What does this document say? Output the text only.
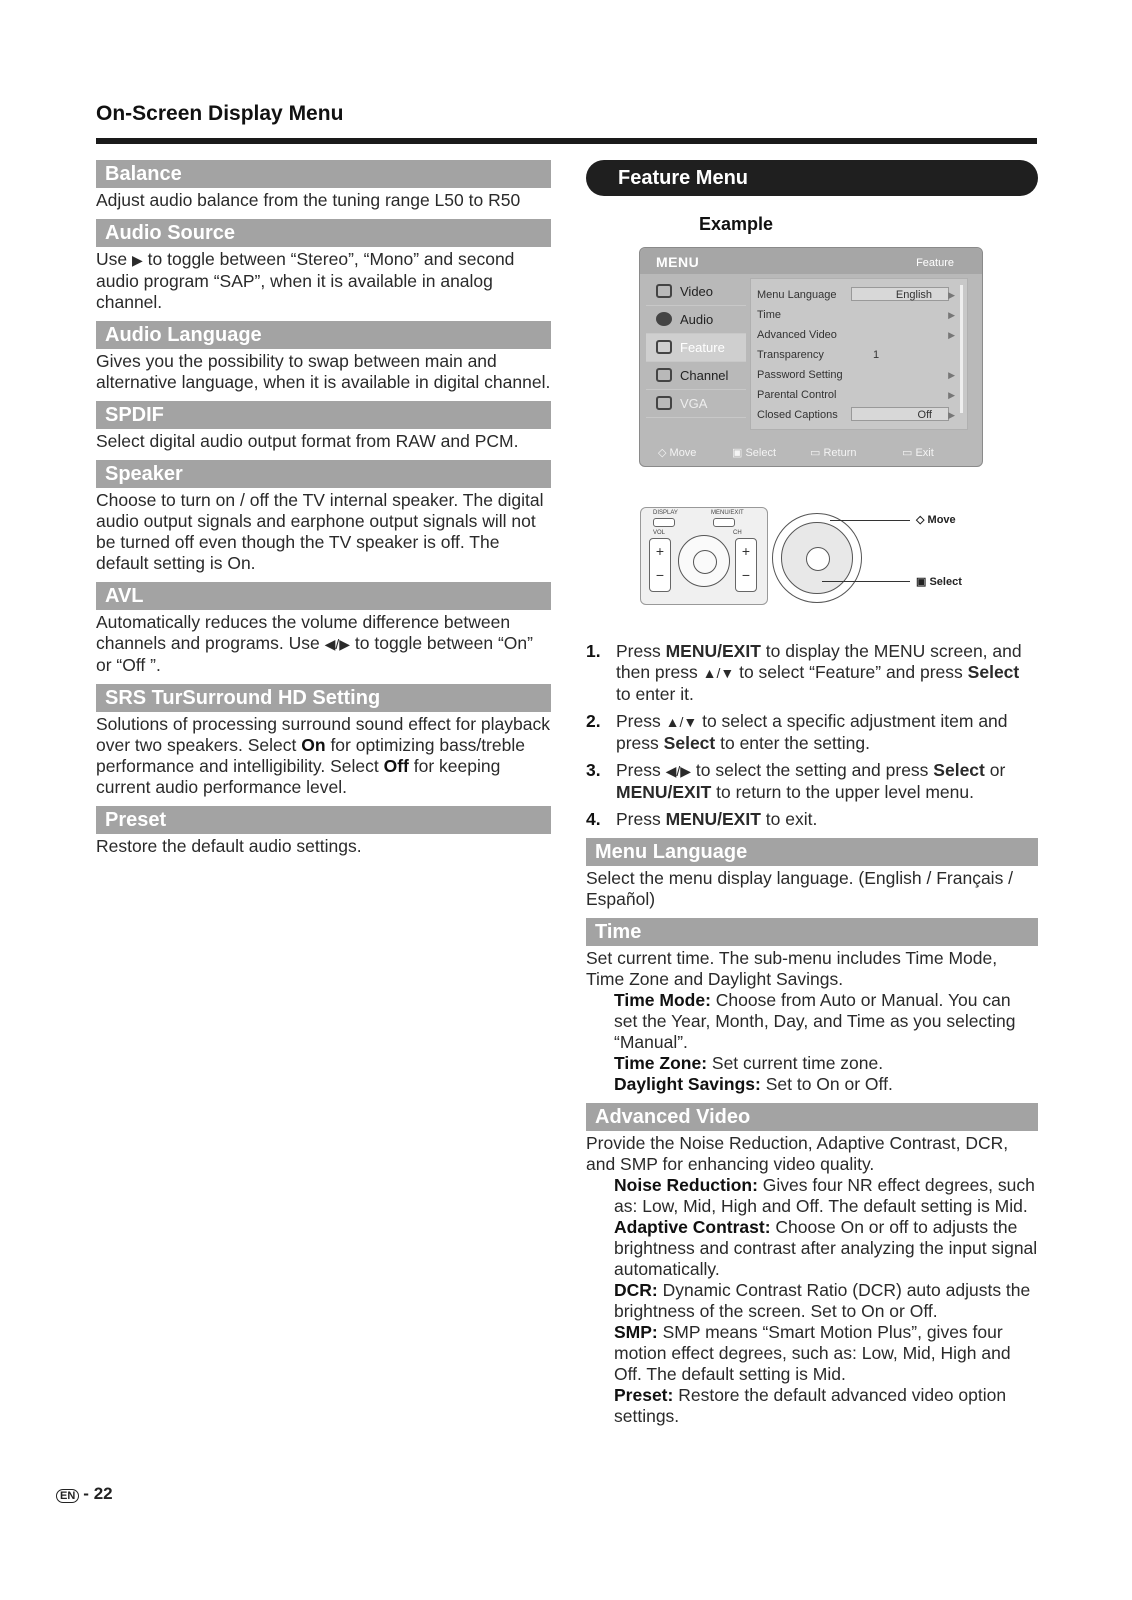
On-Screen Display Menu
Balance
Adjust audio balance from the tuning range L50 to R50
Audio Source
Use ▶ to toggle between “Stereo”, “Mono” and second audio program “SAP”, when it is available in analog channel.
Audio Language
Gives you the possibility to swap between main and alternative language, when it is available in digital channel.
SPDIF
Select digital audio output format from RAW and PCM.
Speaker
Choose to turn on / off the TV internal speaker. The digital audio output signals and earphone output signals will not be turned off even though the TV speaker is off. The default setting is On.
AVL
Automatically reduces the volume difference between channels and programs. Use ◀/▶ to toggle between “On” or “Off ”.
SRS TurSurround HD Setting
Solutions of processing surround sound effect for playback over two speakers. Select On for optimizing bass/treble performance and intelligibility. Select Off for keeping current audio performance level.
Preset
Restore the default audio settings.
Feature Menu
Example
MENU	Feature
Video
Audio
Feature
Channel
VGA
Menu Language	English	▶
Time	▶
Advanced Video	▶
Transparency	1
Password Setting	▶
Parental Control	▶
Closed Captions	Off	▶
◇ Move	▣ Select	▭ Return	▭ Exit
DISPLAY	MENU/EXIT
VOL	CH
+
−
+
−
◇ Move
▣ Select
1. Press MENU/EXIT to display the MENU screen, and then press ▲/▼ to select “Feature” and press Select to enter it.
2. Press ▲/▼ to select a specific adjustment item and press Select to enter the setting.
3. Press ◀/▶ to select the setting and press Select or MENU/EXIT to return to the upper level menu.
4. Press MENU/EXIT to exit.
Menu Language
Select the menu display language. (English / Français / Español)
Time
Set current time. The sub-menu includes Time Mode, Time Zone and Daylight Savings.
Time Mode: Choose from Auto or Manual. You can set the Year, Month, Day, and Time as you selecting “Manual”.
Time Zone: Set current time zone.
Daylight Savings: Set to On or Off.
Advanced Video
Provide the Noise Reduction, Adaptive Contrast, DCR, and SMP for enhancing video quality.
Noise Reduction: Gives four NR effect degrees, such as: Low, Mid, High and Off. The default setting is Mid.
Adaptive Contrast: Choose On or off to adjusts the brightness and contrast after analyzing the input signal automatically.
DCR: Dynamic Contrast Ratio (DCR) auto adjusts the brightness of the screen. Set to On or Off.
SMP: SMP means “Smart Motion Plus”, gives four motion effect degrees, such as: Low, Mid, High and Off. The default setting is Mid.
Preset: Restore the default advanced video option settings.
EN - 22
